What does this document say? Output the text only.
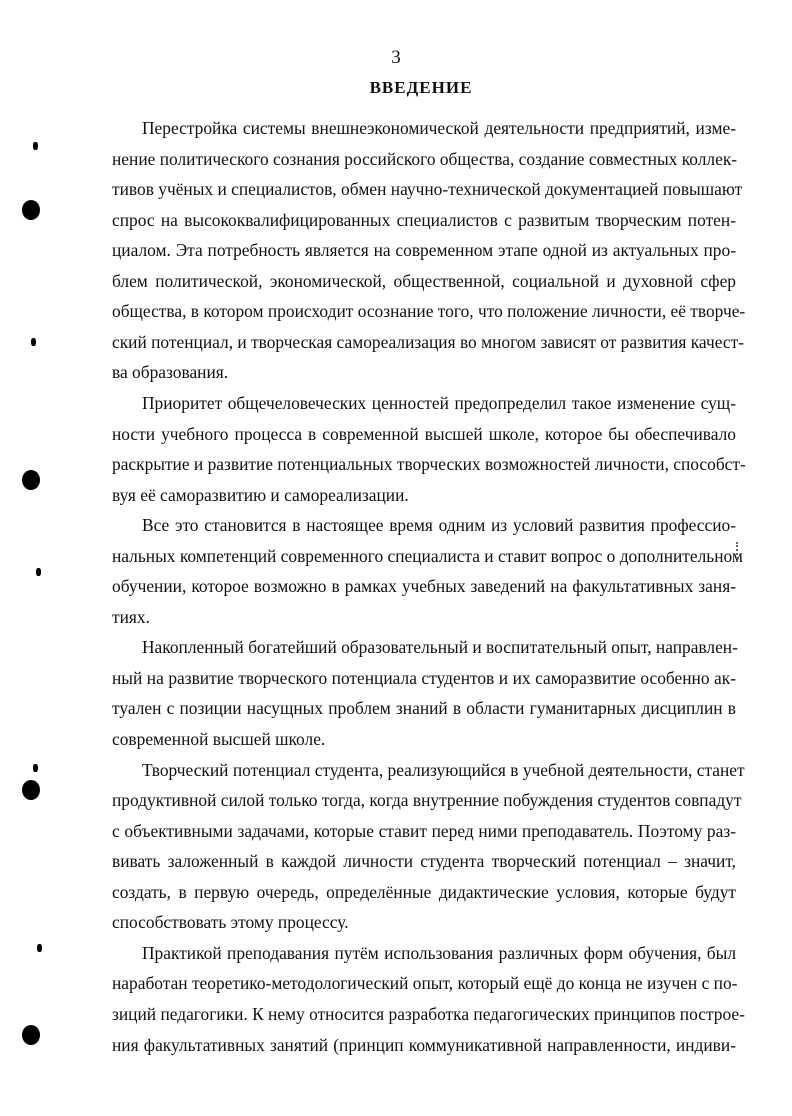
3
ВВЕДЕНИЕ
Перестройка системы внешнеэкономической деятельности предприятий, изме-
нение политического сознания российского общества, создание совместных коллек-
тивов учёных и специалистов, обмен научно-технической документацией повышают
спрос на высококвалифицированных специалистов с развитым творческим потен-
циалом. Эта потребность является на современном этапе одной из актуальных про-
блем политической, экономической, общественной, социальной и духовной сфер
общества, в котором происходит осознание того, что положение личности, её творче-
ский потенциал, и творческая самореализация во многом зависят от развития качест-
ва образования.
Приоритет общечеловеческих ценностей предопределил такое изменение сущ-
ности учебного процесса в современной высшей школе, которое бы обеспечивало
раскрытие и развитие потенциальных творческих возможностей личности, способст-
вуя её саморазвитию и самореализации.
Все это становится в настоящее время одним из условий развития профессио-
нальных компетенций современного специалиста и ставит вопрос о дополнительном
обучении, которое возможно в рамках учебных заведений на факультативных заня-
тиях.
Накопленный богатейший образовательный и воспитательный опыт, направлен-
ный на развитие творческого потенциала студентов и их саморазвитие особенно ак-
туален с позиции насущных проблем знаний в области гуманитарных дисциплин в
современной высшей школе.
Творческий потенциал студента, реализующийся в учебной деятельности, станет
продуктивной силой только тогда, когда внутренние побуждения студентов совпадут
с объективными задачами, которые ставит перед ними преподаватель. Поэтому раз-
вивать заложенный в каждой личности студента творческий потенциал – значит,
создать, в первую очередь, определённые дидактические условия, которые будут
способствовать этому процессу.
Практикой преподавания путём использования различных форм обучения, был
наработан теоретико-методологический опыт, который ещё до конца не изучен с по-
зиций педагогики. К нему относится разработка педагогических принципов построе-
ния факультативных занятий (принцип коммуникативной направленности, индиви-
